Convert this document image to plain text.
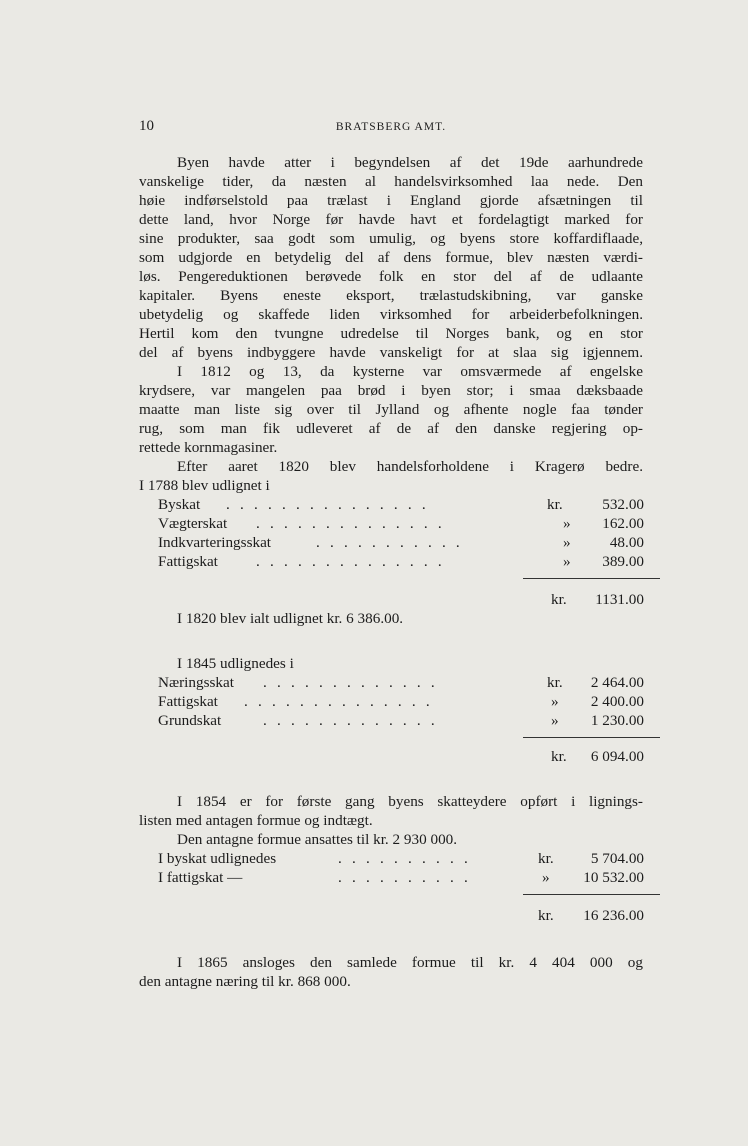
10	BRATSBERG AMT.
Byen havde atter i begyndelsen af det 19de aarhundrede
vanskelige tider, da næsten al handelsvirksomhed laa nede. Den
høie indførselstold paa trælast i England gjorde afsætningen til
dette land, hvor Norge før havde havt et fordelagtigt marked for
sine produkter, saa godt som umulig, og byens store koffardiflaade,
som udgjorde en betydelig del af dens formue, blev næsten værdi-
løs. Pengereduktionen berøvede folk en stor del af de udlaante
kapitaler. Byens eneste eksport, trælastudskibning, var ganske
ubetydelig og skaffede liden virksomhed for arbeiderbefolkningen.
Hertil kom den tvungne udredelse til Norges bank, og en stor
del af byens indbyggere havde vanskeligt for at slaa sig igjennem.
I 1812 og 13, da kysterne var omsværmede af engelske
krydsere, var mangelen paa brød i byen stor; i smaa dæksbaade
maatte man liste sig over til Jylland og afhente nogle faa tønder
rug, som man fik udleveret af de af den danske regjering op-
rettede kornmagasiner.
Efter aaret 1820 blev handelsforholdene i Kragerø bedre.
I 1788 blev udlignet i
Byskat . . . . . . . . . . . . . . .	kr.	532.00
Vægterskat . . . . . . . . . . . . . .	» 162.00
Indkvarteringsskat	. . . . . . . . . . .	»	48.00
Fattigskat	. . . . . . . . . . . . . .	» 389.00
kr. 1131.00
I 1820 blev ialt udlignet kr. 6 386.00.
I 1845 udlignedes i
Næringsskat . . . . . . . . . . . . .	kr. 2 464.00
Fattigskat . . . . . . . . . . . . . .	» 2 400.00
Grundskat	. . . . . . . . . . . . .	» 1 230.00
kr. 6 094.00
I 1854 er for første gang byens skatteydere opført i lignings-
listen med antagen formue og indtægt.
Den antagne formue ansattes til kr. 2 930 000.
I byskat udlignedes	. . . . . . . . . .	kr. 5 704.00
I fattigskat —	. . . . . . . . . .	» 10 532.00
kr. 16 236.00
I 1865 ansloges den samlede formue til kr. 4 404 000 og
den antagne næring til kr. 868 000.
